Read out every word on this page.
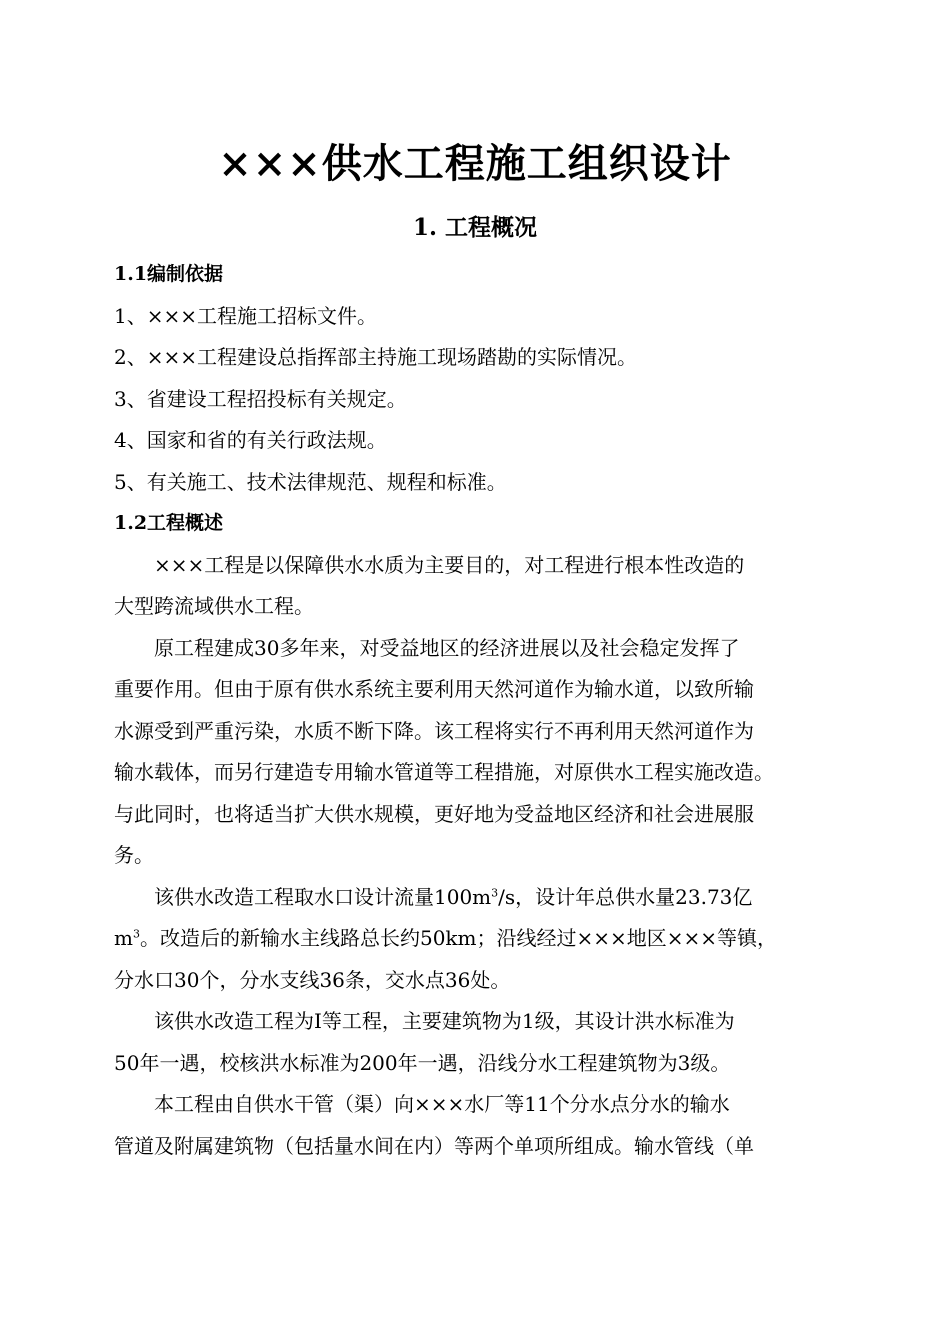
×××供水工程施工组织设计
1. 工程概况

1.1编制依据

1、×××工程施工招标文件。

2、×××工程建设总指挥部主持施工现场踏勘的实际情况。

3、省建设工程招投标有关规定。

4、国家和省的有关行政法规。

5、有关施工、技术法律规范、规程和标准。

1.2工程概述

×××工程是以保障供水水质为主要目的，对工程进行根本性改造的

大型跨流域供水工程。

原工程建成30多年来，对受益地区的经济进展以及社会稳定发挥了

重要作用。但由于原有供水系统主要利用天然河道作为输水道，以致所输

水源受到严重污染，水质不断下降。该工程将实行不再利用天然河道作为

输水载体，而另行建造专用输水管道等工程措施，对原供水工程实施改造。

与此同时，也将适当扩大供水规模，更好地为受益地区经济和社会进展服

务。

该供水改造工程取水口设计流量$100m^3/s$，设计年总供水量23.73亿

$m^3$。改造后的新输水主线路总长约50km；沿线经过×××地区×××等镇，

分水口30个，分水支线36条，交水点36处。

该供水改造工程为I等工程，主要建筑物为1级，其设计洪水标准为

50年一遇，校核洪水标准为200年一遇，沿线分水工程建筑物为3级。

本工程由自供水干管（渠）向×××水厂等11个分水点分水的输水

管道及附属建筑物（包括量水间在内）等两个单项所组成。输水管线（单
